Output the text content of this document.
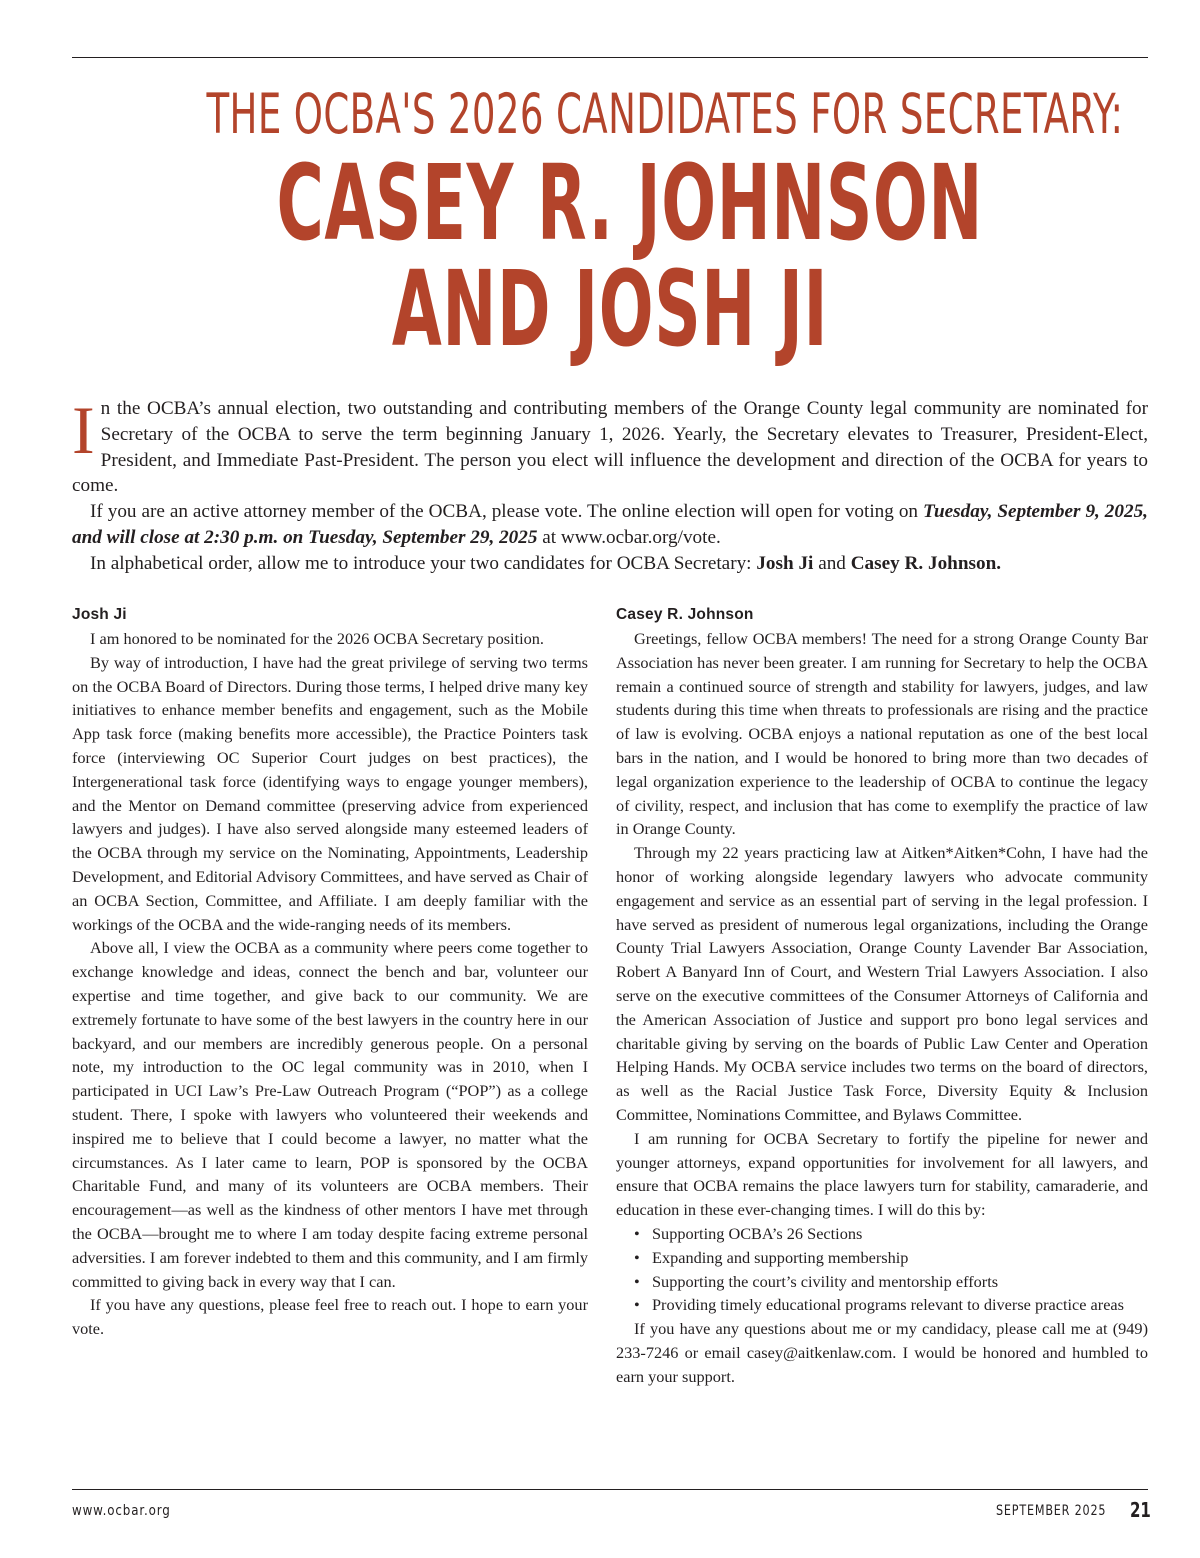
THE OCBA'S 2026 CANDIDATES FOR SECRETARY:
CASEY R. JOHNSON
AND JOSH JI

In the OCBA’s annual election, two outstanding and contributing members of the Orange County legal community are nominated for Secretary of the OCBA to serve the term beginning January 1, 2026. Yearly, the Secretary elevates to Treasurer, President-Elect, President, and Immediate Past-President. The person you elect will influence the development and direction of the OCBA for years to come.

If you are an active attorney member of the OCBA, please vote. The online election will open for voting on Tuesday, September 9, 2025, and will close at 2:30 p.m. on Tuesday, September 29, 2025 at www.ocbar.org/vote.

In alphabetical order, allow me to introduce your two candidates for OCBA Secretary: Josh Ji and Casey R. Johnson.

Josh Ji

I am honored to be nominated for the 2026 OCBA Secretary position.

By way of introduction, I have had the great privilege of serving two terms on the OCBA Board of Directors. During those terms, I helped drive many key initiatives to enhance member benefits and engagement, such as the Mobile App task force (making benefits more accessible), the Practice Pointers task force (interviewing OC Superior Court judges on best practices), the Intergenerational task force (identifying ways to engage younger members), and the Mentor on Demand committee (preserving advice from experienced lawyers and judges). I have also served alongside many esteemed leaders of the OCBA through my service on the Nominating, Appointments, Leadership Development, and Editorial Advisory Committees, and have served as Chair of an OCBA Section, Committee, and Affiliate. I am deeply familiar with the workings of the OCBA and the wide-ranging needs of its members.

Above all, I view the OCBA as a community where peers come together to exchange knowledge and ideas, connect the bench and bar, volunteer our expertise and time together, and give back to our community. We are extremely fortunate to have some of the best lawyers in the country here in our backyard, and our members are incredibly generous people. On a personal note, my introduction to the OC legal community was in 2010, when I participated in UCI Law’s Pre-Law Outreach Program (“POP”) as a college student. There, I spoke with lawyers who volunteered their weekends and inspired me to believe that I could become a lawyer, no matter what the circumstances. As I later came to learn, POP is sponsored by the OCBA Charitable Fund, and many of its volunteers are OCBA members. Their encouragement—as well as the kindness of other mentors I have met through the OCBA—brought me to where I am today despite facing extreme personal adversities. I am forever indebted to them and this community, and I am firmly committed to giving back in every way that I can.

If you have any questions, please feel free to reach out. I hope to earn your vote.

Casey R. Johnson

Greetings, fellow OCBA members! The need for a strong Orange County Bar Association has never been greater. I am running for Secretary to help the OCBA remain a continued source of strength and stability for lawyers, judges, and law students during this time when threats to professionals are rising and the practice of law is evolving. OCBA enjoys a national reputation as one of the best local bars in the nation, and I would be honored to bring more than two decades of legal organization experience to the leadership of OCBA to continue the legacy of civility, respect, and inclusion that has come to exemplify the practice of law in Orange County.

Through my 22 years practicing law at Aitken*Aitken*Cohn, I have had the honor of working alongside legendary lawyers who advocate community engagement and service as an essential part of serving in the legal profession. I have served as president of numerous legal organizations, including the Orange County Trial Lawyers Association, Orange County Lavender Bar Association, Robert A Banyard Inn of Court, and Western Trial Lawyers Association. I also serve on the executive committees of the Consumer Attorneys of California and the American Association of Justice and support pro bono legal services and charitable giving by serving on the boards of Public Law Center and Operation Helping Hands. My OCBA service includes two terms on the board of directors, as well as the Racial Justice Task Force, Diversity Equity & Inclusion Committee, Nominations Committee, and Bylaws Committee.

I am running for OCBA Secretary to fortify the pipeline for newer and younger attorneys, expand opportunities for involvement for all lawyers, and ensure that OCBA remains the place lawyers turn for stability, camaraderie, and education in these ever-changing times. I will do this by:

• Supporting OCBA’s 26 Sections
• Expanding and supporting membership
• Supporting the court’s civility and mentorship efforts
• Providing timely educational programs relevant to diverse practice areas

If you have any questions about me or my candidacy, please call me at (949) 233-7246 or email casey@aitkenlaw.com. I would be honored and humbled to earn your support.

www.ocbar.org	SEPTEMBER 2025 21
